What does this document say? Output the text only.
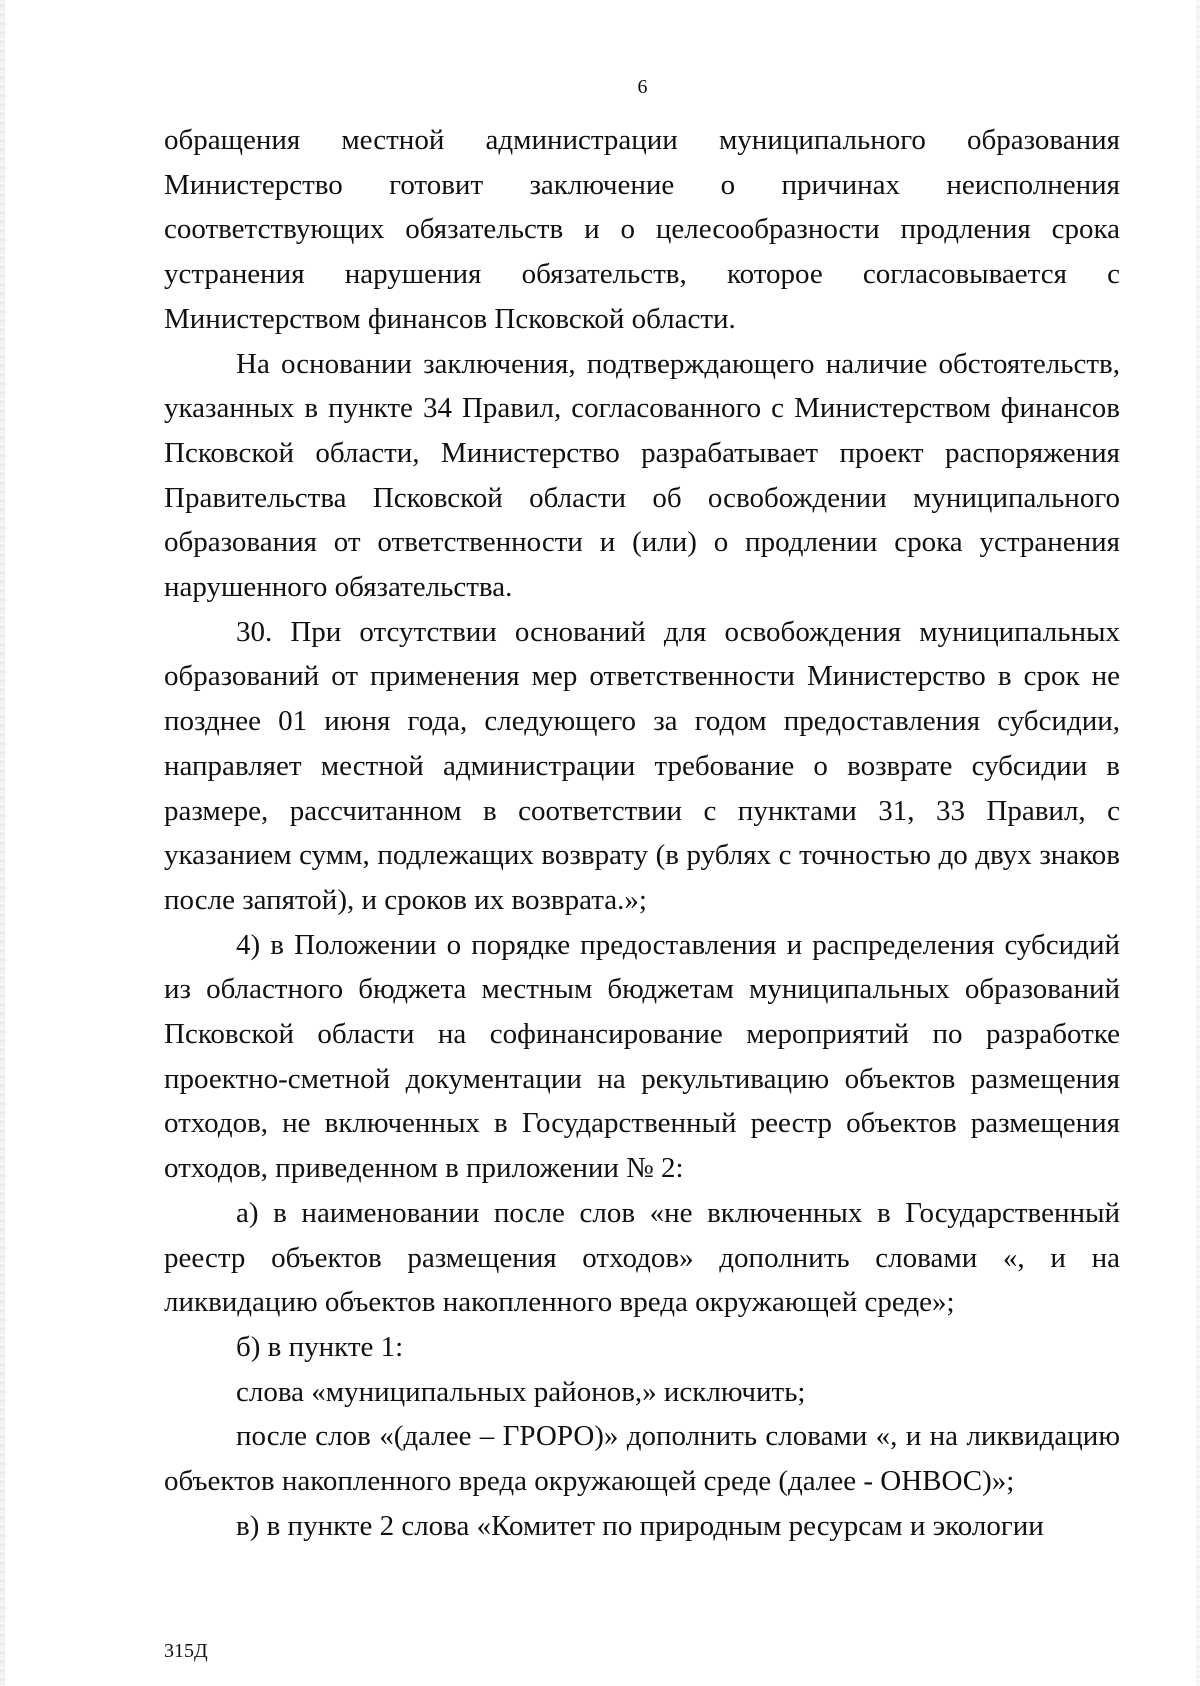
6

обращения местной администрации муниципального образования Министерство готовит заключение о причинах неисполнения соответствующих обязательств и о целесообразности продления срока устранения нарушения обязательств, которое согласовывается с Министерством финансов Псковской области.

На основании заключения, подтверждающего наличие обстоятельств, указанных в пункте 34 Правил, согласованного с Министерством финансов Псковской области, Министерство разрабатывает проект распоряжения Правительства Псковской области об освобождении муниципального образования от ответственности и (или) о продлении срока устранения нарушенного обязательства.

30. При отсутствии оснований для освобождения муниципальных образований от применения мер ответственности Министерство в срок не позднее 01 июня года, следующего за годом предоставления субсидии, направляет местной администрации требование о возврате субсидии в размере, рассчитанном в соответствии с пунктами 31, 33 Правил, с указанием сумм, подлежащих возврату (в рублях с точностью до двух знаков после запятой), и сроков их возврата.»;

4) в Положении о порядке предоставления и распределения субсидий из областного бюджета местным бюджетам муниципальных образований Псковской области на софинансирование мероприятий по разработке проектно-сметной документации на рекультивацию объектов размещения отходов, не включенных в Государственный реестр объектов размещения отходов, приведенном в приложении № 2:

а) в наименовании после слов «не включенных в Государственный реестр объектов размещения отходов» дополнить словами «, и на ликвидацию объектов накопленного вреда окружающей среде»;

б) в пункте 1:

слова «муниципальных районов,» исключить;

после слов «(далее – ГРОРО)» дополнить словами «, и на ликвидацию объектов накопленного вреда окружающей среде (далее - ОНВОС)»;

в) в пункте 2 слова «Комитет по природным ресурсам и экологии

315Д
